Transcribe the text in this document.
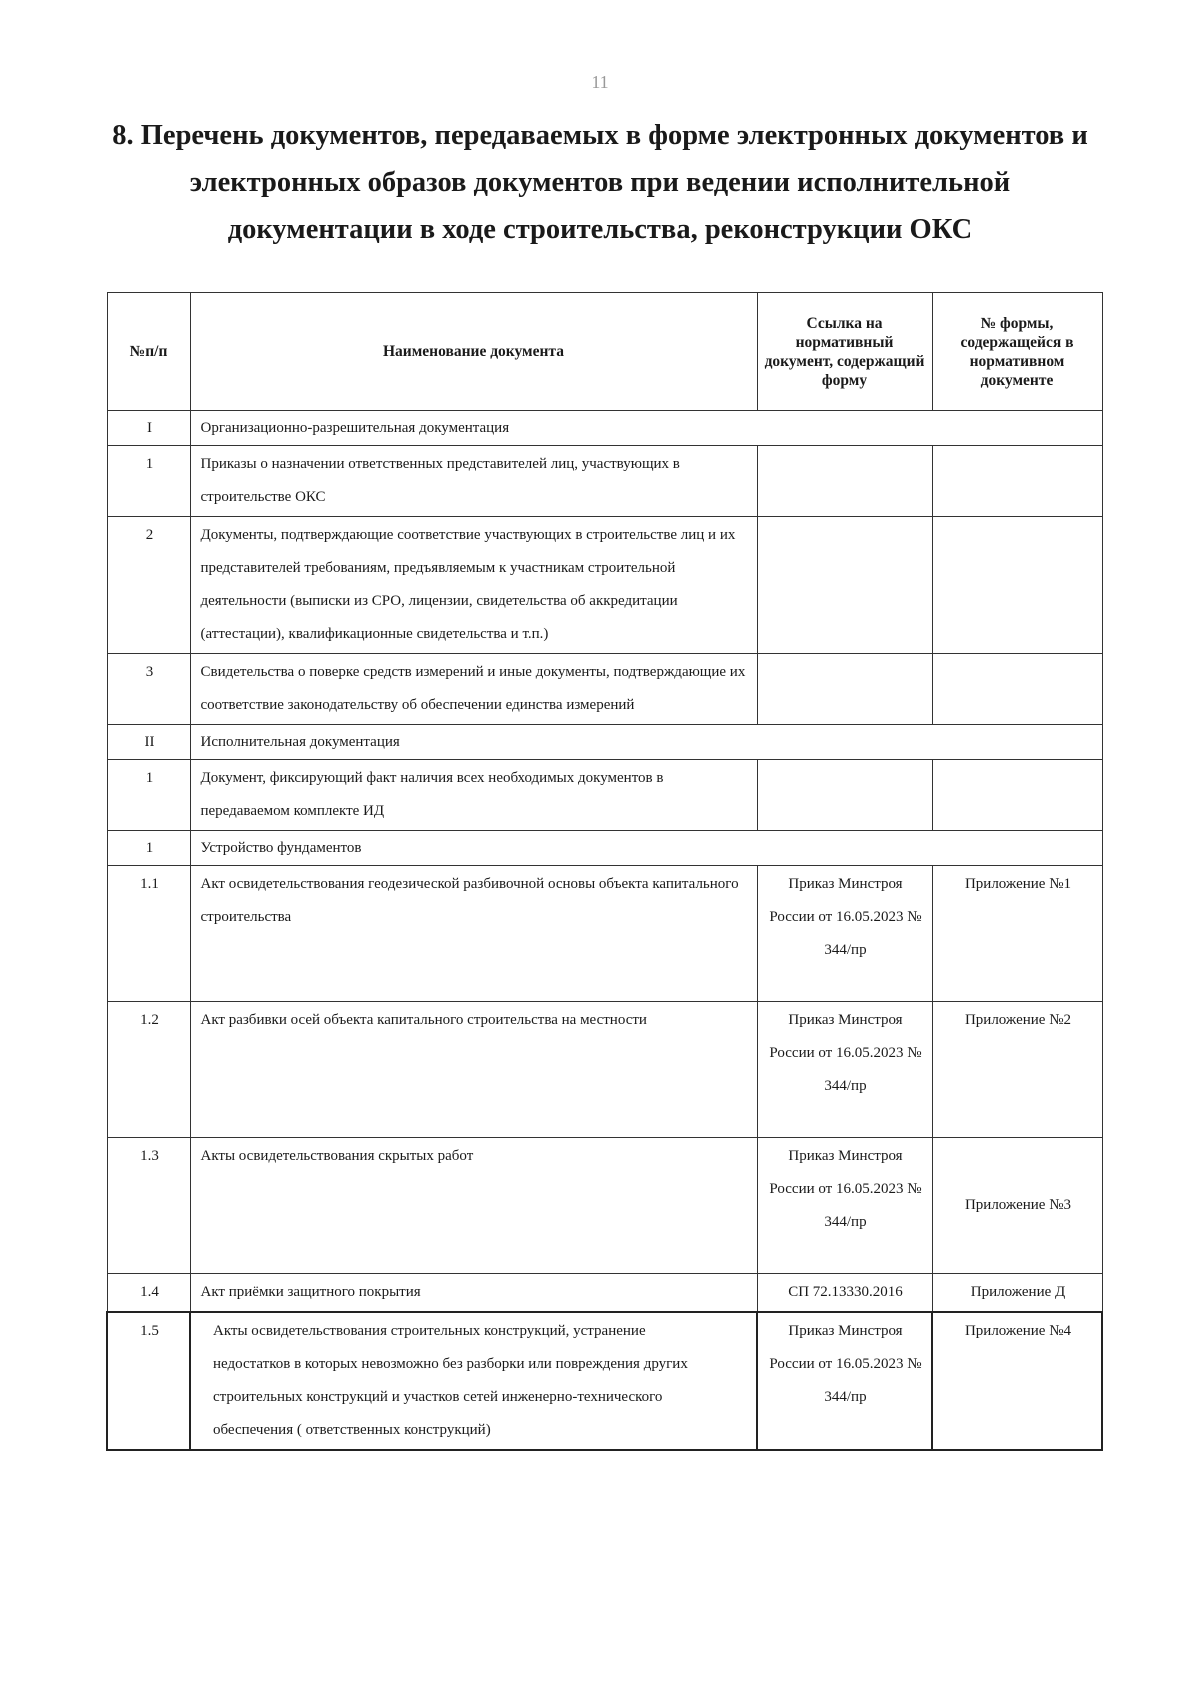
11
8. Перечень документов, передаваемых в форме электронных документов и
электронных образов документов при ведении исполнительной
документации в ходе строительства, реконструкции ОКС
№п/п	Наименование документа	Ссылка на нормативный документ, содержащий форму	№ формы, содержащейся в нормативном документе
I	Организационно-разрешительная документация		
1	Приказы о назначении ответственных представителей лиц, участвующих в строительстве ОКС		
2	Документы, подтверждающие соответствие участвующих в строительстве лиц и их представителей требованиям, предъявляемым к участникам строительной деятельности (выписки из СРО, лицензии, свидетельства об аккредитации (аттестации), квалификационные свидетельства и т.п.)		
3	Свидетельства о поверке средств измерений и иные документы, подтверждающие их соответствие законодательству об обеспечении единства измерений		
II	Исполнительная документация		
1	Документ, фиксирующий факт наличия всех необходимых документов в передаваемом комплекте ИД		
1	Устройство фундаментов		
1.1	Акт освидетельствования геодезической разбивочной основы объекта капитального строительства	Приказ Минстроя России от 16.05.2023 № 344/пр	Приложение №1
1.2	Акт разбивки осей объекта капитального строительства на местности	Приказ Минстроя России от 16.05.2023 № 344/пр	Приложение №2
1.3	Акты освидетельствования скрытых работ	Приказ Минстроя России от 16.05.2023 № 344/пр	Приложение №3
1.4	Акт приёмки защитного покрытия	СП 72.13330.2016	Приложение Д
1.5	Акты освидетельствования строительных конструкций, устранение недостатков в которых невозможно без разборки или повреждения других строительных конструкций и участков сетей инженерно-технического обеспечения ( ответственных конструкций)	Приказ Минстроя России от 16.05.2023 № 344/пр	Приложение №4
